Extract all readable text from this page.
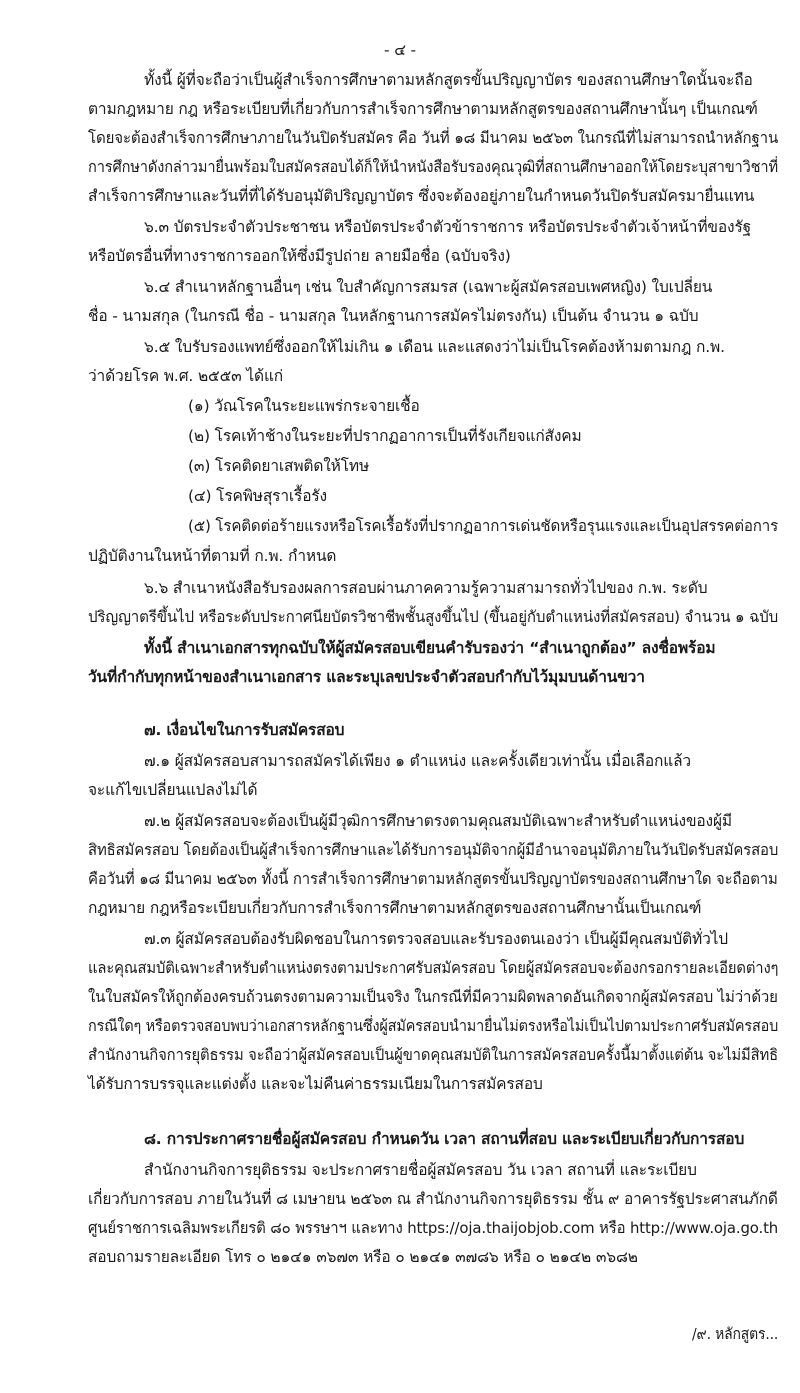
- ๔ -
ทั้งนี้ ผู้ที่จะถือว่าเป็นผู้สำเร็จการศึกษาตามหลักสูตรขั้นปริญญาบัตร ของสถานศึกษาใดนั้นจะถือ
ตามกฎหมาย กฎ หรือระเบียบที่เกี่ยวกับการสำเร็จการศึกษาตามหลักสูตรของสถานศึกษานั้นๆ เป็นเกณฑ์
โดยจะต้องสำเร็จการศึกษาภายในวันปิดรับสมัคร คือ วันที่ ๑๘ มีนาคม ๒๕๖๓ ในกรณีที่ไม่สามารถนำหลักฐาน
การศึกษาดังกล่าวมายื่นพร้อมใบสมัครสอบได้ก็ให้นำหนังสือรับรองคุณวุฒิที่สถานศึกษาออกให้โดยระบุสาขาวิชาที่
สำเร็จการศึกษาและวันที่ที่ได้รับอนุมัติปริญญาบัตร ซึ่งจะต้องอยู่ภายในกำหนดวันปิดรับสมัครมายื่นแทน
๖.๓ บัตรประจำตัวประชาชน หรือบัตรประจำตัวข้าราชการ หรือบัตรประจำตัวเจ้าหน้าที่ของรัฐ
หรือบัตรอื่นที่ทางราชการออกให้ซึ่งมีรูปถ่าย ลายมือชื่อ (ฉบับจริง)
๖.๔ สำเนาหลักฐานอื่นๆ เช่น ใบสำคัญการสมรส (เฉพาะผู้สมัครสอบเพศหญิง) ใบเปลี่ยน
ชื่อ - นามสกุล (ในกรณี ชื่อ - นามสกุล ในหลักฐานการสมัครไม่ตรงกัน) เป็นต้น จำนวน ๑ ฉบับ
๖.๕ ใบรับรองแพทย์ซึ่งออกให้ไม่เกิน ๑ เดือน และแสดงว่าไม่เป็นโรคต้องห้ามตามกฎ ก.พ.
ว่าด้วยโรค พ.ศ. ๒๕๕๓ ได้แก่
(๑) วัณโรคในระยะแพร่กระจายเชื้อ
(๒) โรคเท้าช้างในระยะที่ปรากฏอาการเป็นที่รังเกียจแก่สังคม
(๓) โรคติดยาเสพติดให้โทษ
(๔) โรคพิษสุราเรื้อรัง
(๕) โรคติดต่อร้ายแรงหรือโรคเรื้อรังที่ปรากฏอาการเด่นชัดหรือรุนแรงและเป็นอุปสรรคต่อการ
ปฏิบัติงานในหน้าที่ตามที่ ก.พ. กำหนด
๖.๖ สำเนาหนังสือรับรองผลการสอบผ่านภาคความรู้ความสามารถทั่วไปของ ก.พ. ระดับ
ปริญญาตรีขึ้นไป หรือระดับประกาศนียบัตรวิชาชีพชั้นสูงขึ้นไป (ขึ้นอยู่กับตำแหน่งที่สมัครสอบ) จำนวน ๑ ฉบับ
ทั้งนี้ สำเนาเอกสารทุกฉบับให้ผู้สมัครสอบเขียนคำรับรองว่า “สำเนาถูกต้อง” ลงชื่อพร้อม
วันที่กำกับทุกหน้าของสำเนาเอกสาร และระบุเลขประจำตัวสอบกำกับไว้มุมบนด้านขวา
๗. เงื่อนไขในการรับสมัครสอบ
๗.๑ ผู้สมัครสอบสามารถสมัครได้เพียง ๑ ตำแหน่ง และครั้งเดียวเท่านั้น เมื่อเลือกแล้ว
จะแก้ไขเปลี่ยนแปลงไม่ได้
๗.๒ ผู้สมัครสอบจะต้องเป็นผู้มีวุฒิการศึกษาตรงตามคุณสมบัติเฉพาะสำหรับตำแหน่งของผู้มี
สิทธิสมัครสอบ โดยต้องเป็นผู้สำเร็จการศึกษาและได้รับการอนุมัติจากผู้มีอำนาจอนุมัติภายในวันปิดรับสมัครสอบ
คือวันที่ ๑๘ มีนาคม ๒๕๖๓ ทั้งนี้ การสำเร็จการศึกษาตามหลักสูตรขั้นปริญญาบัตรของสถานศึกษาใด จะถือตาม
กฎหมาย กฎหรือระเบียบเกี่ยวกับการสำเร็จการศึกษาตามหลักสูตรของสถานศึกษานั้นเป็นเกณฑ์
๗.๓ ผู้สมัครสอบต้องรับผิดชอบในการตรวจสอบและรับรองตนเองว่า เป็นผู้มีคุณสมบัติทั่วไป
และคุณสมบัติเฉพาะสำหรับตำแหน่งตรงตามประกาศรับสมัครสอบ โดยผู้สมัครสอบจะต้องกรอกรายละเอียดต่างๆ
ในใบสมัครให้ถูกต้องครบถ้วนตรงตามความเป็นจริง ในกรณีที่มีความผิดพลาดอันเกิดจากผู้สมัครสอบ ไม่ว่าด้วย
กรณีใดๆ หรือตรวจสอบพบว่าเอกสารหลักฐานซึ่งผู้สมัครสอบนำมายื่นไม่ตรงหรือไม่เป็นไปตามประกาศรับสมัครสอบ
สำนักงานกิจการยุติธรรม จะถือว่าผู้สมัครสอบเป็นผู้ขาดคุณสมบัติในการสมัครสอบครั้งนี้มาตั้งแต่ต้น จะไม่มีสิทธิ
ได้รับการบรรจุและแต่งตั้ง และจะไม่คืนค่าธรรมเนียมในการสมัครสอบ
๘. การประกาศรายชื่อผู้สมัครสอบ กำหนดวัน เวลา สถานที่สอบ และระเบียบเกี่ยวกับการสอบ
สำนักงานกิจการยุติธรรม จะประกาศรายชื่อผู้สมัครสอบ วัน เวลา สถานที่ และระเบียบ
เกี่ยวกับการสอบ ภายในวันที่ ๘ เมษายน ๒๕๖๓ ณ สำนักงานกิจการยุติธรรม ชั้น ๙ อาคารรัฐประศาสนภักดี
ศูนย์ราชการเฉลิมพระเกียรติ ๘๐ พรรษาฯ และทาง https://oja.thaijobjob.com หรือ http://www.oja.go.th
สอบถามรายละเอียด โทร ๐ ๒๑๔๑ ๓๖๗๓ หรือ ๐ ๒๑๔๑ ๓๗๘๖ หรือ ๐ ๒๑๔๒ ๓๖๘๒
/๙. หลักสูตร...
